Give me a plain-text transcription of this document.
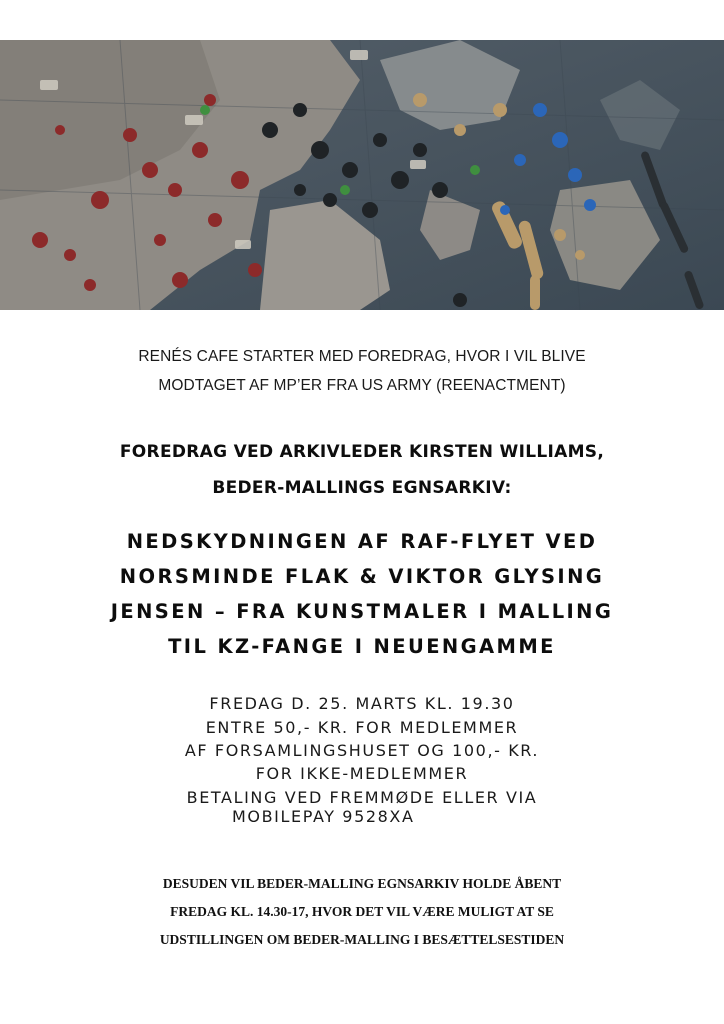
RENÉS CAFE STARTER MED FOREDRAG, HVOR I VIL BLIVE
MODTAGET AF MP’ER FRA US ARMY (REENACTMENT)
FOREDRAG VED ARKIVLEDER KIRSTEN WILLIAMS,
BEDER-MALLINGS EGNSARKIV:
NEDSKYDNINGEN AF RAF-FLYET VED
NORSMINDE FLAK & VIKTOR GLYSING
JENSEN – FRA KUNSTMALER I MALLING
TIL KZ-FANGE I NEUENGAMME
FREDAG D. 25. MARTS KL. 19.30
ENTRE 50,- KR. FOR MEDLEMMER
AF FORSAMLINGSHUSET OG 100,- KR.
FOR IKKE-MEDLEMMER
BETALING VED FREMMØDE ELLER VIA
MOBILEPAY 9528XA
DESUDEN VIL BEDER-MALLING EGNSARKIV HOLDE ÅBENT
FREDAG KL. 14.30-17, HVOR DET VIL VÆRE MULIGT AT SE
UDSTILLINGEN OM BEDER-MALLING I BESÆTTELSESTIDEN
